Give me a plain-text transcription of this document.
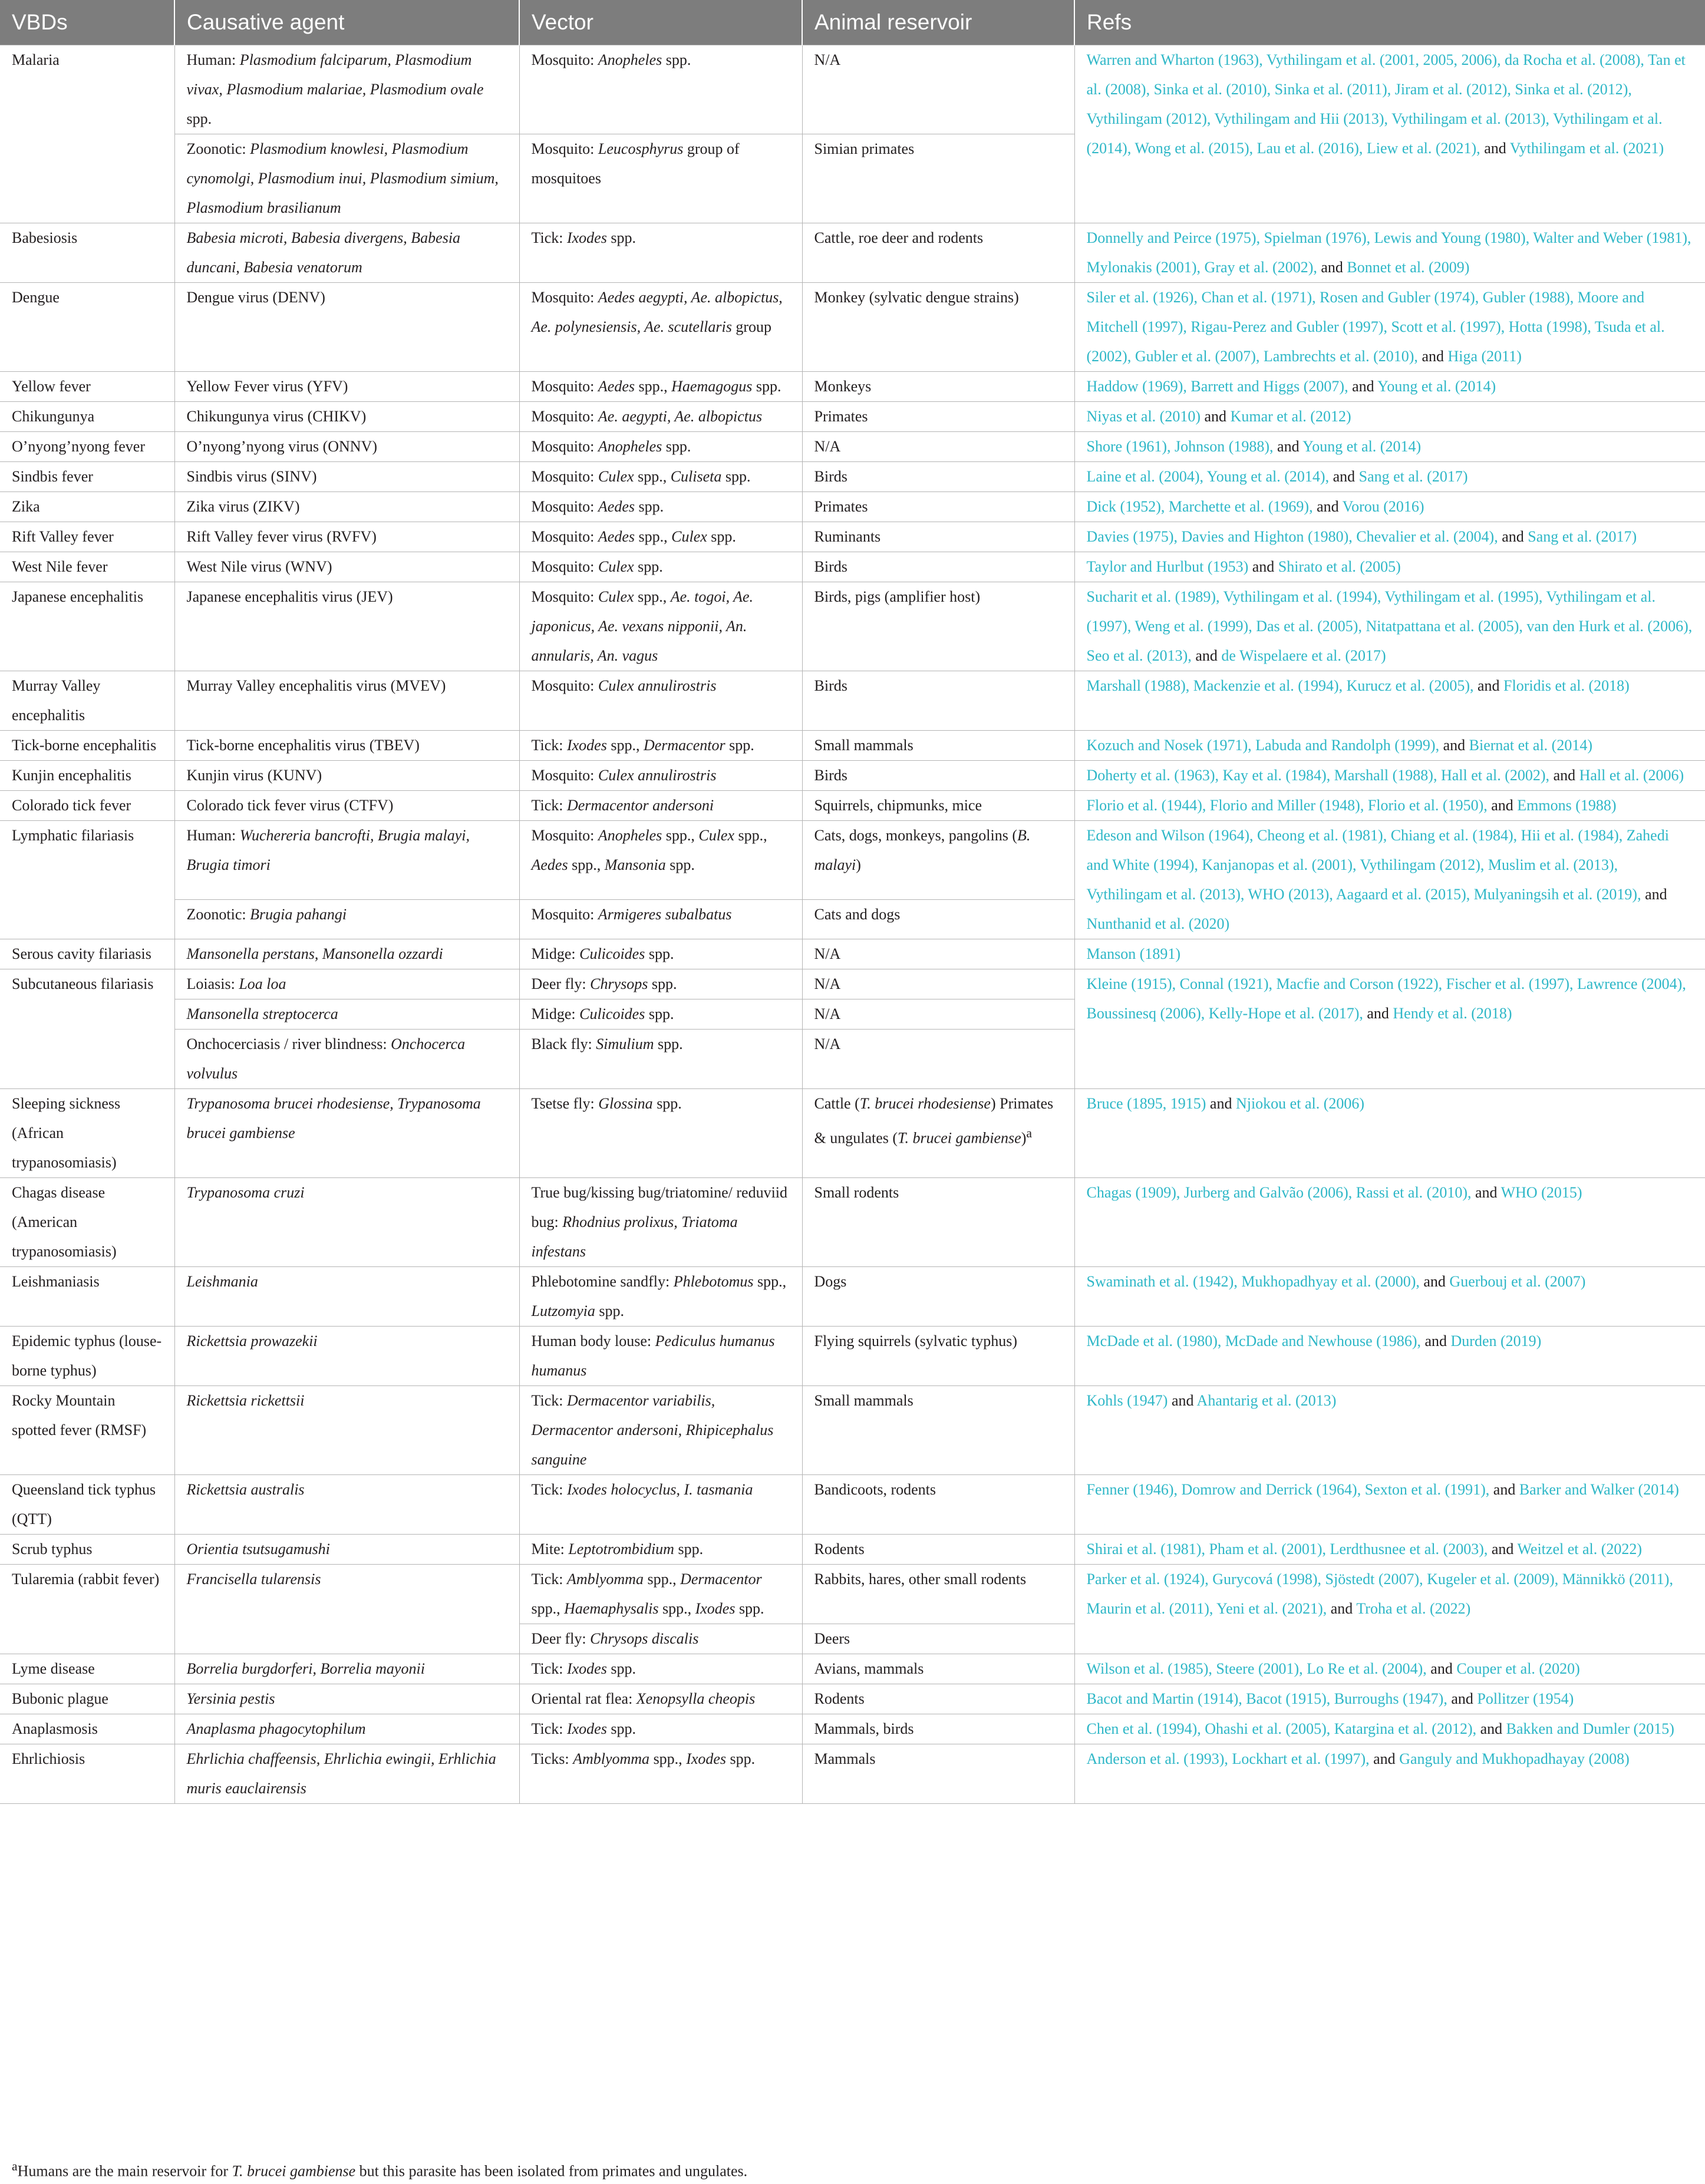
VBDs	Causative agent	Vector	Animal reservoir	Refs
Malaria	Human: Plasmodium falciparum, Plasmodium vivax, Plasmodium malariae, Plasmodium ovale spp.	Mosquito: Anopheles spp.	N/A	Warren and Wharton (1963), Vythilingam et al. (2001, 2005, 2006), da Rocha et al. (2008), Tan et al. (2008), Sinka et al. (2010), Sinka et al. (2011), Jiram et al. (2012), Sinka et al. (2012), Vythilingam (2012), Vythilingam and Hii (2013), Vythilingam et al. (2013), Vythilingam et al. (2014), Wong et al. (2015), Lau et al. (2016), Liew et al. (2021), and Vythilingam et al. (2021)
	Zoonotic: Plasmodium knowlesi, Plasmodium cynomolgi, Plasmodium inui, Plasmodium simium, Plasmodium brasilianum	Mosquito: Leucosphyrus group of mosquitoes	Simian primates	
Babesiosis	Babesia microti, Babesia divergens, Babesia duncani, Babesia venatorum	Tick: Ixodes spp.	Cattle, roe deer and rodents	Donnelly and Peirce (1975), Spielman (1976), Lewis and Young (1980), Walter and Weber (1981), Mylonakis (2001), Gray et al. (2002), and Bonnet et al. (2009)
Dengue	Dengue virus (DENV)	Mosquito: Aedes aegypti, Ae. albopictus, Ae. polynesiensis, Ae. scutellaris group	Monkey (sylvatic dengue strains)	Siler et al. (1926), Chan et al. (1971), Rosen and Gubler (1974), Gubler (1988), Moore and Mitchell (1997), Rigau-Perez and Gubler (1997), Scott et al. (1997), Hotta (1998), Tsuda et al. (2002), Gubler et al. (2007), Lambrechts et al. (2010), and Higa (2011)
Yellow fever	Yellow Fever virus (YFV)	Mosquito: Aedes spp., Haemagogus spp.	Monkeys	Haddow (1969), Barrett and Higgs (2007), and Young et al. (2014)
Chikungunya	Chikungunya virus (CHIKV)	Mosquito: Ae. aegypti, Ae. albopictus	Primates	Niyas et al. (2010) and Kumar et al. (2012)
O’nyong’nyong fever	O’nyong’nyong virus (ONNV)	Mosquito: Anopheles spp.	N/A	Shore (1961), Johnson (1988), and Young et al. (2014)
Sindbis fever	Sindbis virus (SINV)	Mosquito: Culex spp., Culiseta spp.	Birds	Laine et al. (2004), Young et al. (2014), and Sang et al. (2017)
Zika	Zika virus (ZIKV)	Mosquito: Aedes spp.	Primates	Dick (1952), Marchette et al. (1969), and Vorou (2016)
Rift Valley fever	Rift Valley fever virus (RVFV)	Mosquito: Aedes spp., Culex spp.	Ruminants	Davies (1975), Davies and Highton (1980), Chevalier et al. (2004), and Sang et al. (2017)
West Nile fever	West Nile virus (WNV)	Mosquito: Culex spp.	Birds	Taylor and Hurlbut (1953) and Shirato et al. (2005)
Japanese encephalitis	Japanese encephalitis virus (JEV)	Mosquito: Culex spp., Ae. togoi, Ae. japonicus, Ae. vexans nipponii, An. annularis, An. vagus	Birds, pigs (amplifier host)	Sucharit et al. (1989), Vythilingam et al. (1994), Vythilingam et al. (1995), Vythilingam et al. (1997), Weng et al. (1999), Das et al. (2005), Nitatpattana et al. (2005), van den Hurk et al. (2006), Seo et al. (2013), and de Wispelaere et al. (2017)
Murray Valley encephalitis	Murray Valley encephalitis virus (MVEV)	Mosquito: Culex annulirostris	Birds	Marshall (1988), Mackenzie et al. (1994), Kurucz et al. (2005), and Floridis et al. (2018)
Tick-borne encephalitis	Tick-borne encephalitis virus (TBEV)	Tick: Ixodes spp., Dermacentor spp.	Small mammals	Kozuch and Nosek (1971), Labuda and Randolph (1999), and Biernat et al. (2014)
Kunjin encephalitis	Kunjin virus (KUNV)	Mosquito: Culex annulirostris	Birds	Doherty et al. (1963), Kay et al. (1984), Marshall (1988), Hall et al. (2002), and Hall et al. (2006)
Colorado tick fever	Colorado tick fever virus (CTFV)	Tick: Dermacentor andersoni	Squirrels, chipmunks, mice	Florio et al. (1944), Florio and Miller (1948), Florio et al. (1950), and Emmons (1988)
Lymphatic filariasis	Human: Wuchereria bancrofti, Brugia malayi, Brugia timori	Mosquito: Anopheles spp., Culex spp., Aedes spp., Mansonia spp.	Cats, dogs, monkeys, pangolins (B. malayi)	Edeson and Wilson (1964), Cheong et al. (1981), Chiang et al. (1984), Hii et al. (1984), Zahedi and White (1994), Kanjanopas et al. (2001), Vythilingam (2012), Muslim et al. (2013), Vythilingam et al. (2013), WHO (2013), Aagaard et al. (2015), Mulyaningsih et al. (2019), and Nunthanid et al. (2020)
	Zoonotic: Brugia pahangi	Mosquito: Armigeres subalbatus	Cats and dogs	
Serous cavity filariasis	Mansonella perstans, Mansonella ozzardi	Midge: Culicoides spp.	N/A	Manson (1891)
Subcutaneous filariasis	Loiasis: Loa loa	Deer fly: Chrysops spp.	N/A	Kleine (1915), Connal (1921), Macfie and Corson (1922), Fischer et al. (1997), Lawrence (2004), Boussinesq (2006), Kelly-Hope et al. (2017), and Hendy et al. (2018)
	Mansonella streptocerca	Midge: Culicoides spp.	N/A	
	Onchocerciasis / river blindness: Onchocerca volvulus	Black fly: Simulium spp.	N/A	
Sleeping sickness (African trypanosomiasis)	Trypanosoma brucei rhodesiense, Trypanosoma brucei gambiense	Tsetse fly: Glossina spp.	Cattle (T. brucei rhodesiense) Primates & ungulates (T. brucei gambiense)$^a$	Bruce (1895, 1915) and Njiokou et al. (2006)
Chagas disease (American trypanosomiasis)	Trypanosoma cruzi	True bug/kissing bug/triatomine/ reduviid bug: Rhodnius prolixus, Triatoma infestans	Small rodents	Chagas (1909), Jurberg and Galvão (2006), Rassi et al. (2010), and WHO (2015)
Leishmaniasis	Leishmania	Phlebotomine sandfly: Phlebotomus spp., Lutzomyia spp.	Dogs	Swaminath et al. (1942), Mukhopadhyay et al. (2000), and Guerbouj et al. (2007)
Epidemic typhus (louse-borne typhus)	Rickettsia prowazekii	Human body louse: Pediculus humanus humanus	Flying squirrels (sylvatic typhus)	McDade et al. (1980), McDade and Newhouse (1986), and Durden (2019)
Rocky Mountain spotted fever (RMSF)	Rickettsia rickettsii	Tick: Dermacentor variabilis, Dermacentor andersoni, Rhipicephalus sanguine	Small mammals	Kohls (1947) and Ahantarig et al. (2013)
Queensland tick typhus (QTT)	Rickettsia australis	Tick: Ixodes holocyclus, I. tasmania	Bandicoots, rodents	Fenner (1946), Domrow and Derrick (1964), Sexton et al. (1991), and Barker and Walker (2014)
Scrub typhus	Orientia tsutsugamushi	Mite: Leptotrombidium spp.	Rodents	Shirai et al. (1981), Pham et al. (2001), Lerdthusnee et al. (2003), and Weitzel et al. (2022)
Tularemia (rabbit fever)	Francisella tularensis	Tick: Amblyomma spp., Dermacentor spp., Haemaphysalis spp., Ixodes spp.	Rabbits, hares, other small rodents	Parker et al. (1924), Gurycová (1998), Sjöstedt (2007), Kugeler et al. (2009), Männikkö (2011), Maurin et al. (2011), Yeni et al. (2021), and Troha et al. (2022)
		Deer fly: Chrysops discalis	Deers	
Lyme disease	Borrelia burgdorferi, Borrelia mayonii	Tick: Ixodes spp.	Avians, mammals	Wilson et al. (1985), Steere (2001), Lo Re et al. (2004), and Couper et al. (2020)
Bubonic plague	Yersinia pestis	Oriental rat flea: Xenopsylla cheopis	Rodents	Bacot and Martin (1914), Bacot (1915), Burroughs (1947), and Pollitzer (1954)
Anaplasmosis	Anaplasma phagocytophilum	Tick: Ixodes spp.	Mammals, birds	Chen et al. (1994), Ohashi et al. (2005), Katargina et al. (2012), and Bakken and Dumler (2015)
Ehrlichiosis	Ehrlichia chaffeensis, Ehrlichia ewingii, Erhlichia muris eauclairensis	Ticks: Amblyomma spp., Ixodes spp.	Mammals	Anderson et al. (1993), Lockhart et al. (1997), and Ganguly and Mukhopadhayay (2008)
$^a$Humans are the main reservoir for T. brucei gambiense but this parasite has been isolated from primates and ungulates.
